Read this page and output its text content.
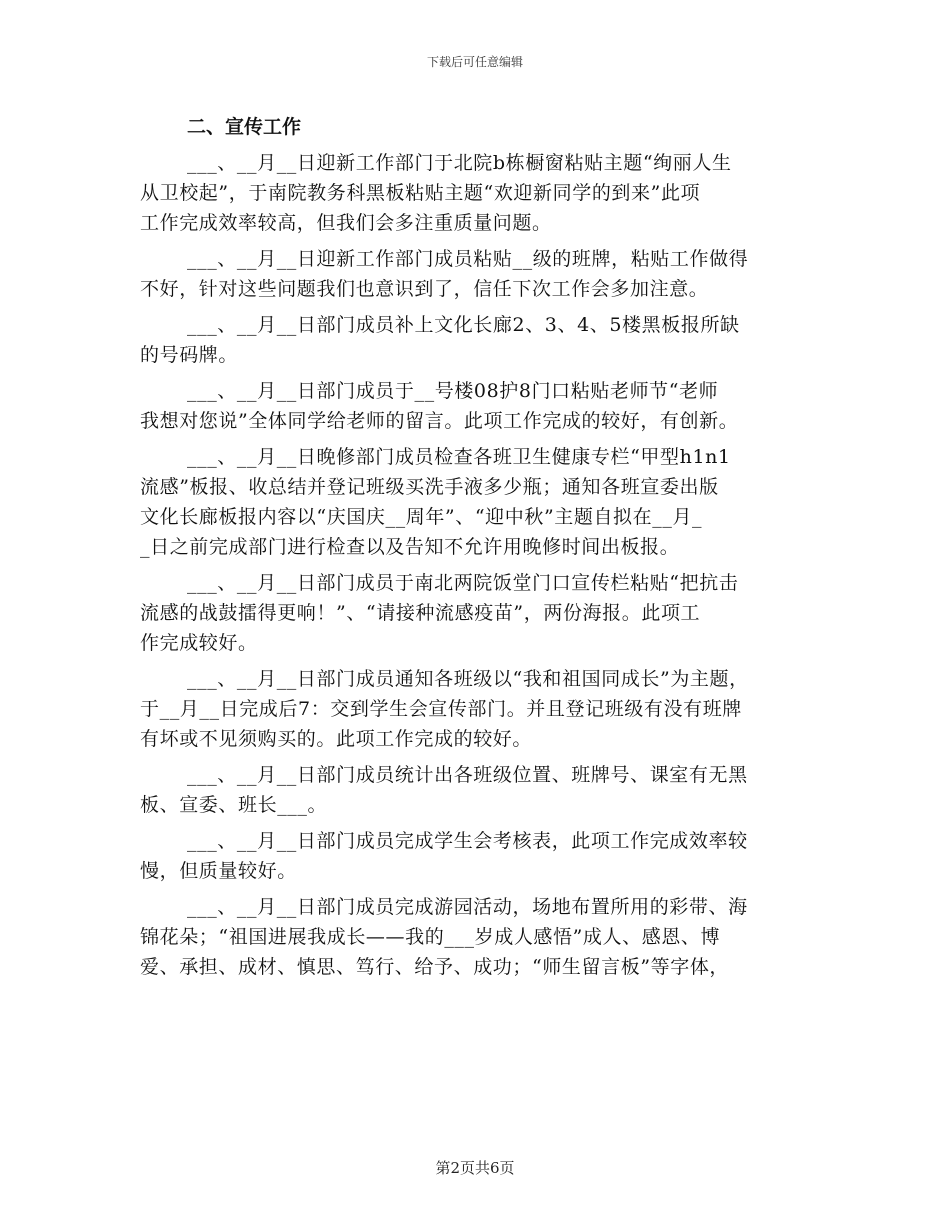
下载后可任意编辑
二、宣传工作
___、__月__日迎新工作部门于北院b栋橱窗粘贴主题“绚丽人生
从卫校起”，于南院教务科黑板粘贴主题“欢迎新同学的到来”此项
工作完成效率较高，但我们会多注重质量问题。
___、__月__日迎新工作部门成员粘贴__级的班牌，粘贴工作做得
不好，针对这些问题我们也意识到了，信任下次工作会多加注意。
___、__月__日部门成员补上文化长廊2、3、4、5楼黑板报所缺
的号码牌。
___、__月__日部门成员于__号楼08护8门口粘贴老师节“老师
我想对您说”全体同学给老师的留言。此项工作完成的较好，有创新。
___、__月__日晚修部门成员检查各班卫生健康专栏“甲型h1n1
流感”板报、收总结并登记班级买洗手液多少瓶；通知各班宣委出版
文化长廊板报内容以“庆国庆__周年”、“迎中秋”主题自拟在__月_
_日之前完成部门进行检查以及告知不允许用晚修时间出板报。
___、__月__日部门成员于南北两院饭堂门口宣传栏粘贴“把抗击
流感的战鼓擂得更响！”、“请接种流感疫苗”，两份海报。此项工
作完成较好。
___、__月__日部门成员通知各班级以“我和祖国同成长”为主题，
于__月__日完成后7：交到学生会宣传部门。并且登记班级有没有班牌
有坏或不见须购买的。此项工作完成的较好。
___、__月__日部门成员统计出各班级位置、班牌号、课室有无黑
板、宣委、班长___。
___、__月__日部门成员完成学生会考核表，此项工作完成效率较
慢，但质量较好。
___、__月__日部门成员完成游园活动，场地布置所用的彩带、海
锦花朵；“祖国进展我成长——我的___岁成人感悟”成人、感恩、博
爱、承担、成材、慎思、笃行、给予、成功；“师生留言板”等字体，
第2页共6页
